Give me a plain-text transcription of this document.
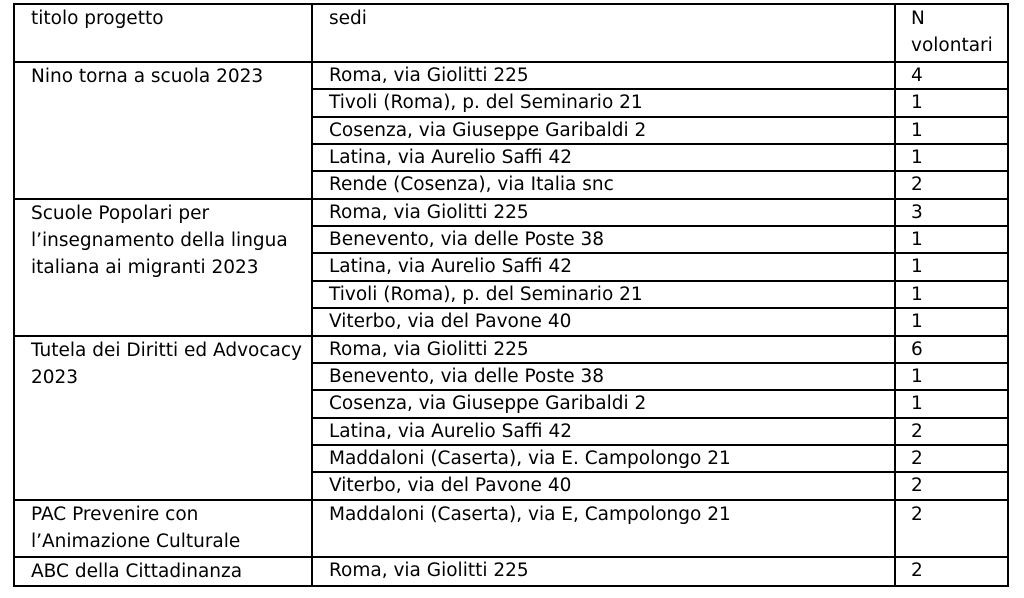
titolo progetto	sedi	N volontari
Nino torna a scuola 2023	Roma, via Giolitti 225	4
	Tivoli (Roma), p. del Seminario 21	1
	Cosenza, via Giuseppe Garibaldi 2	1
	Latina, via Aurelio Saffi 42	1
	Rende (Cosenza), via Italia snc	2
Scuole Popolari per l’insegnamento della lingua italiana ai migranti 2023	Roma, via Giolitti 225	3
	Benevento, via delle Poste 38	1
	Latina, via Aurelio Saffi 42	1
	Tivoli (Roma), p. del Seminario 21	1
	Viterbo, via del Pavone 40	1
Tutela dei Diritti ed Advocacy 2023	Roma, via Giolitti 225	6
	Benevento, via delle Poste 38	1
	Cosenza, via Giuseppe Garibaldi 2	1
	Latina, via Aurelio Saffi 42	2
	Maddaloni (Caserta), via E. Campolongo 21	2
	Viterbo, via del Pavone 40	2
PAC Prevenire con l’Animazione Culturale	Maddaloni (Caserta), via E, Campolongo 21	2
ABC della Cittadinanza	Roma, via Giolitti 225	2
